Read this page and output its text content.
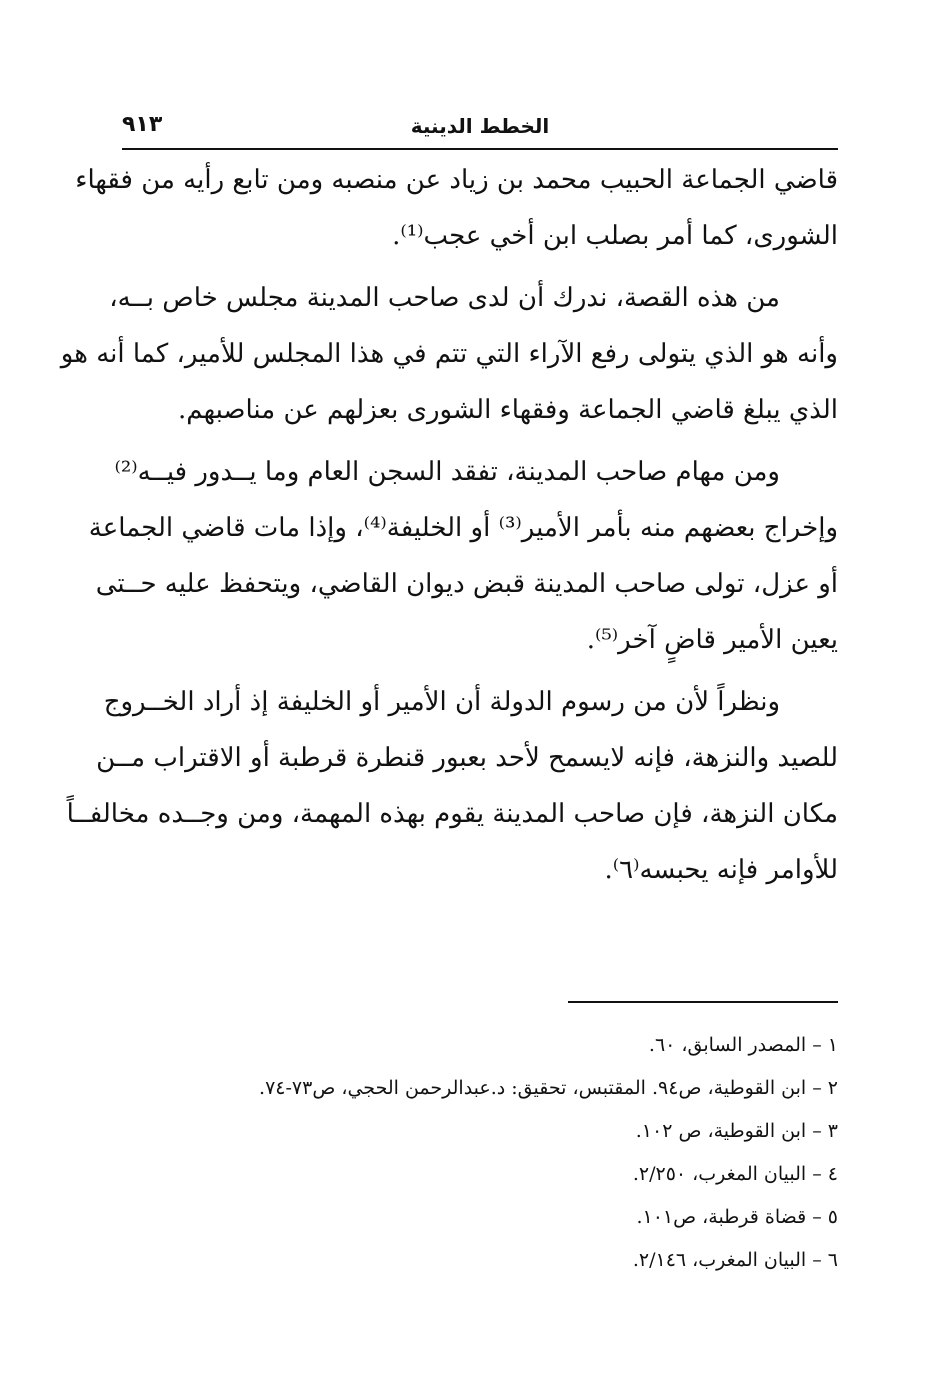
الخطط الدينية
٩١٣

قاضي الجماعة الحبيب محمد بن زياد عن منصبه ومن تابع رأيه من فقهاء
الشورى، كما أمر بصلب ابن أخي عجب⁽¹⁾.

من هذه القصة، ندرك أن لدى صاحب المدينة مجلس خاص بــه،
وأنه هو الذي يتولى رفع الآراء التي تتم في هذا المجلس للأمير، كما أنه هو
الذي يبلغ قاضي الجماعة وفقهاء الشورى بعزلهم عن مناصبهم.

ومن مهام صاحب المدينة، تفقد السجن العام وما يــدور فيــه⁽²⁾
وإخراج بعضهم منه بأمر الأمير⁽³⁾ أو الخليفة⁽⁴⁾، وإذا مات قاضي الجماعة
أو عزل، تولى صاحب المدينة قبض ديوان القاضي، ويتحفظ عليه حــتى
يعين الأمير قاضٍ آخر⁽⁵⁾.

ونظراً لأن من رسوم الدولة أن الأمير أو الخليفة إذ أراد الخــروج
للصيد والنزهة، فإنه لايسمح لأحد بعبور قنطرة قرطبة أو الاقتراب مــن
مكان النزهة، فإن صاحب المدينة يقوم بهذه المهمة، ومن وجــده مخالفــاً
للأوامر فإنه يحبسه⁽٦⁾.

١ – المصدر السابق، ٦٠.
٢ – ابن القوطية، ص٩٤. المقتبس، تحقيق: د.عبدالرحمن الحجي، ص٧٣-٧٤.
٣ – ابن القوطية، ص ١٠٢.
٤ – البيان المغرب، ٢/٢٥٠.
٥ – قضاة قرطبة، ص١٠١.
٦ – البيان المغرب، ٢/١٤٦.
